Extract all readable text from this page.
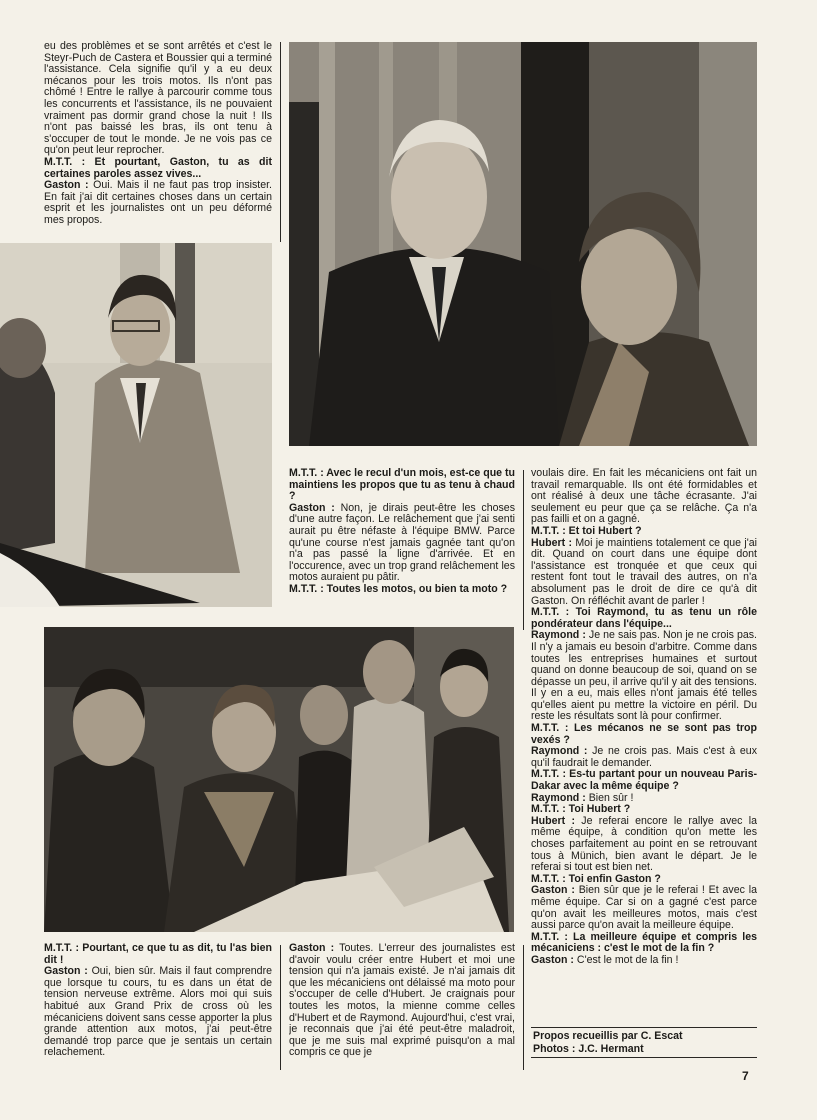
eu des problèmes et se sont arrêtés et c'est le Steyr-Puch de Castera et Boussier qui a terminé l'assistance. Cela signifie qu'il y a eu deux mécanos pour les trois motos. Ils n'ont pas chômé ! Entre le rallye à parcourir comme tous les concurrents et l'assistance, ils ne pouvaient vraiment pas dormir grand chose la nuit ! Ils n'ont pas baissé les bras, ils ont tenu à s'occuper de tout le monde. Je ne vois pas ce qu'on peut leur reprocher.

M.T.T. : Et pourtant, Gaston, tu as dit certaines paroles assez vives...

Gaston : Oui. Mais il ne faut pas trop insister. En fait j'ai dit certaines choses dans un certain esprit et les journalistes ont un peu déformé mes propos.

M.T.T. : Avec le recul d'un mois, est-ce que tu maintiens les propos que tu as tenu à chaud ?

Gaston : Non, je dirais peut-être les choses d'une autre façon. Le relâchement que j'ai senti aurait pu être néfaste à l'équipe BMW. Parce qu'une course n'est jamais gagnée tant qu'on n'a pas passé la ligne d'arrivée. Et en l'occurence, avec un trop grand relâchement les motos auraient pu pâtir.

M.T.T. : Toutes les motos, ou bien ta moto ?

voulais dire. En fait les mécaniciens ont fait un travail remarquable. Ils ont été formidables et ont réalisé à deux une tâche écrasante. J'ai seulement eu peur que ça se relâche. Ça n'a pas failli et on a gagné.

M.T.T. : Et toi Hubert ?

Hubert : Moi je maintiens totalement ce que j'ai dit. Quand on court dans une équipe dont l'assistance est tronquée et que ceux qui restent font tout le travail des autres, on n'a absolument pas le droit de dire ce qu'à dit Gaston. On réfléchit avant de parler !

M.T.T. : Toi Raymond, tu as tenu un rôle pondérateur dans l'équipe...

Raymond : Je ne sais pas. Non je ne crois pas. Il n'y a jamais eu besoin d'arbitre. Comme dans toutes les entreprises humaines et surtout quand on donne beaucoup de soi, quand on se dépasse un peu, il arrive qu'il y ait des tensions. Il y en a eu, mais elles n'ont jamais été telles qu'elles aient pu mettre la victoire en péril. Du reste les résultats sont là pour confirmer.

M.T.T. : Les mécanos ne se sont pas trop vexés ?

Raymond : Je ne crois pas. Mais c'est à eux qu'il faudrait le demander.

M.T.T. : Es-tu partant pour un nouveau Paris-Dakar avec la même équipe ?

Raymond : Bien sûr !

M.T.T. : Toi Hubert ?

Hubert : Je referai encore le rallye avec la même équipe, à condition qu'on mette les choses parfaitement au point en se retrouvant tous à Münich, bien avant le départ. Je le referai si tout est bien net.

M.T.T. : Toi enfin Gaston ?

Gaston : Bien sûr que je le referai ! Et avec la même équipe. Car si on a gagné c'est parce qu'on avait les meilleures motos, mais c'est aussi parce qu'on avait la meilleure équipe.

M.T.T. : La meilleure équipe et compris les mécaniciens : c'est le mot de la fin ?

Gaston : C'est le mot de la fin !

M.T.T. : Pourtant, ce que tu as dit, tu l'as bien dit !

Gaston : Oui, bien sûr. Mais il faut comprendre que lorsque tu cours, tu es dans un état de tension nerveuse extrême. Alors moi qui suis habitué aux Grand Prix de cross où les mécaniciens doivent sans cesse apporter la plus grande attention aux motos, j'ai peut-être demandé trop parce que je sentais un certain relachement.

Gaston : Toutes. L'erreur des journalistes est d'avoir voulu créer entre Hubert et moi une tension qui n'a jamais existé. Je n'ai jamais dit que les mécaniciens ont délaissé ma moto pour s'occuper de celle d'Hubert. Je craignais pour toutes les motos, la mienne comme celles d'Hubert et de Raymond. Aujourd'hui, c'est vrai, je reconnais que j'ai été peut-être maladroit, que je me suis mal exprimé puisqu'on a mal compris ce que je

Propos recueillis par C. Escat
Photos : J.C. Hermant
7
